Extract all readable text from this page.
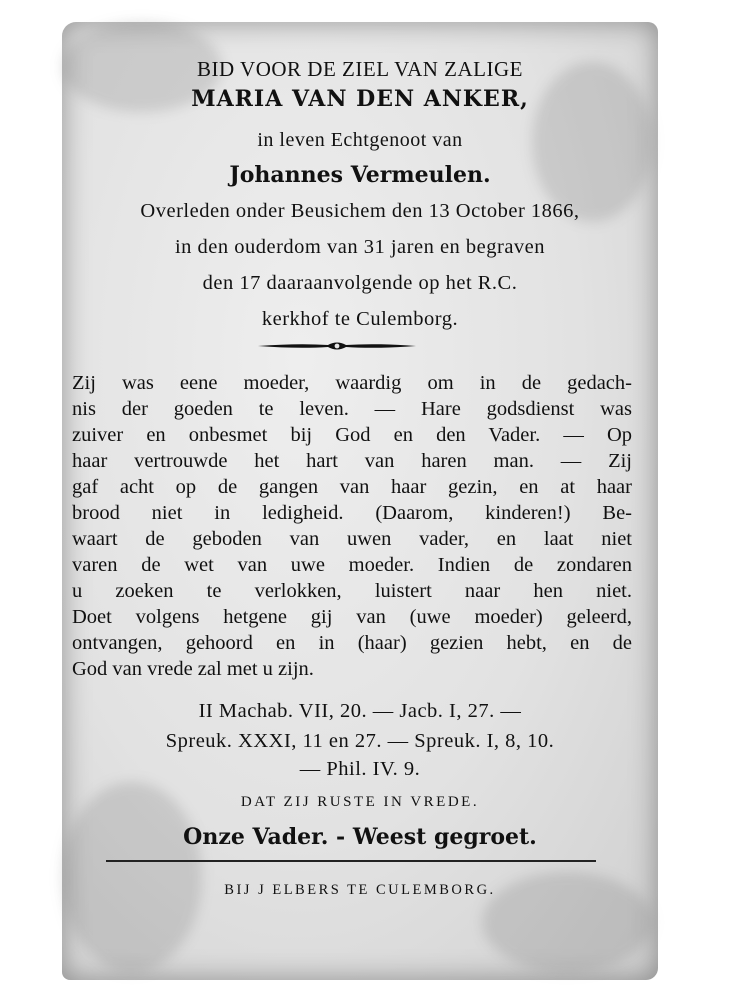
BID VOOR DE ZIEL VAN ZALIGE
MARIA VAN DEN ANKER,
in leven Echtgenoot van
Johannes Vermeulen.
Overleden onder Beusichem den 13 October 1866,
in den ouderdom van 31 jaren en begraven
den 17 daaraanvolgende op het R.C.
kerkhof te Culemborg.
Zij was eene moeder, waardig om in de gedach-
nis der goeden te leven. — Hare godsdienst was
zuiver en onbesmet bij God en den Vader. — Op
haar vertrouwde het hart van haren man. — Zij
gaf acht op de gangen van haar gezin, en at haar
brood niet in ledigheid. (Daarom, kinderen!) Be-
waart de geboden van uwen vader, en laat niet
varen de wet van uwe moeder. Indien de zondaren
u zoeken te verlokken, luistert naar hen niet.
Doet volgens hetgene gij van (uwe moeder) geleerd,
ontvangen, gehoord en in (haar) gezien hebt, en de
God van vrede zal met u zijn.
II Machab. VII, 20. — Jacb. I, 27. —
Spreuk. XXXI, 11 en 27. — Spreuk. I, 8, 10.
— Phil. IV. 9.
DAT ZIJ RUSTE IN VREDE.
Onze Vader. - Weest gegroet.
BIJ J ELBERS TE CULEMBORG.
